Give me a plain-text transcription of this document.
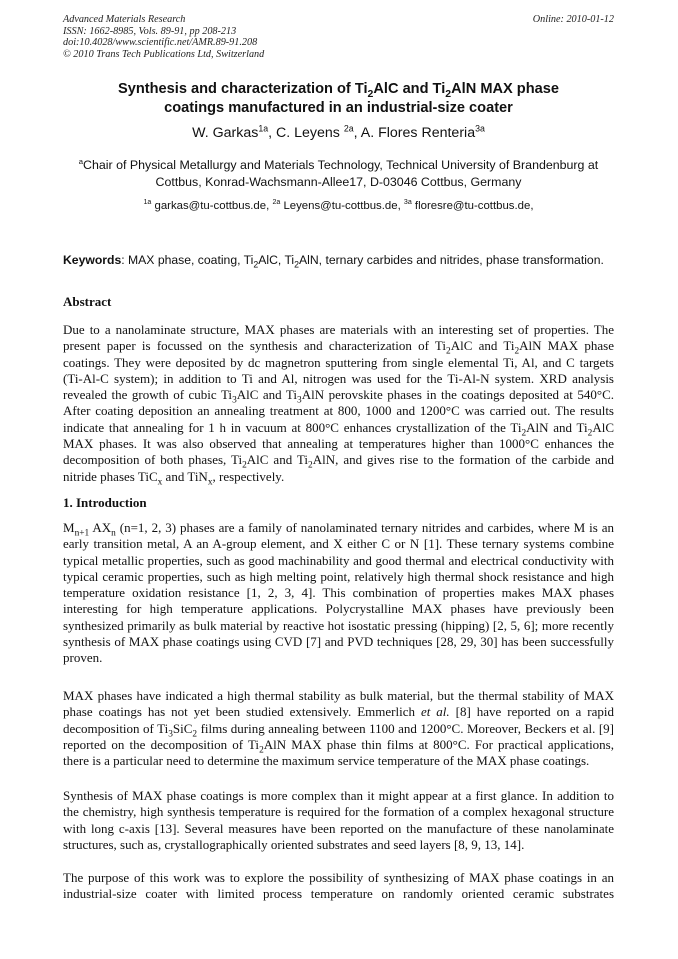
Advanced Materials Research
ISSN: 1662-8985, Vols. 89-91, pp 208-213
doi:10.4028/www.scientific.net/AMR.89-91.208
© 2010 Trans Tech Publications Ltd, Switzerland
Online: 2010-01-12
Synthesis and characterization of $Ti_2AlC$ and $Ti_2AlN$ MAX phase
coatings manufactured in an industrial-size coater
W. Garkas$^{1a}$, C. Leyens $^{2a}$, A. Flores Renteria$^{3a}$
$^a$Chair of Physical Metallurgy and Materials Technology, Technical University of Brandenburg at Cottbus, Konrad-Wachsmann-Allee17, D-03046 Cottbus, Germany
$^{1a}$ garkas@tu-cottbus.de, $^{2a}$ Leyens@tu-cottbus.de, $^{3a}$ floresre@tu-cottbus.de,
Keywords: MAX phase, coating, $Ti_2AlC$, $Ti_2AlN$, ternary carbides and nitrides, phase transformation.
Abstract
Due to a nanolaminate structure, MAX phases are materials with an interesting set of properties. The present paper is focussed on the synthesis and characterization of $Ti_2AlC$ and $Ti_2AlN$ MAX phase coatings. They were deposited by dc magnetron sputtering from single elemental Ti, Al, and C targets (Ti-Al-C system); in addition to Ti and Al, nitrogen was used for the Ti-Al-N system. XRD analysis revealed the growth of cubic $Ti_3AlC$ and $Ti_3AlN$ perovskite phases in the coatings deposited at 540°C. After coating deposition an annealing treatment at 800, 1000 and 1200°C was carried out. The results indicate that annealing for 1 h in vacuum at 800°C enhances crystallization of the $Ti_2AlN$ and $Ti_2AlC$ MAX phases. It was also observed that annealing at temperatures higher than 1000°C enhances the decomposition of both phases, $Ti_2AlC$ and $Ti_2AlN$, and gives rise to the formation of the carbide and nitride phases TiC$_x$ and TiN$_x$, respectively.
1. Introduction
$M_{n+1}$ $AX_n$ (n=1, 2, 3) phases are a family of nanolaminated ternary nitrides and carbides, where M is an early transition metal, A an A-group element, and X either C or N [1]. These ternary systems combine typical metallic properties, such as good machinability and good thermal and electrical conductivity with typical ceramic properties, such as high melting point, relatively high thermal shock resistance and high temperature oxidation resistance [1, 2, 3, 4]. This combination of properties makes MAX phases interesting for high temperature applications. Polycrystalline MAX phases have previously been synthesized primarily as bulk material by reactive hot isostatic pressing (hipping) [2, 5, 6]; more recently synthesis of MAX phase coatings using CVD [7] and PVD techniques [28, 29, 30] has been successfully proven.
MAX phases have indicated a high thermal stability as bulk material, but the thermal stability of MAX phase coatings has not yet been studied extensively. Emmerlich et al. [8] have reported on a rapid decomposition of $Ti_3SiC_2$ films during annealing between 1100 and 1200°C. Moreover, Beckers et al. [9] reported on the decomposition of $Ti_2AlN$ MAX phase thin films at 800°C. For practical applications, there is a particular need to determine the maximum service temperature of the MAX phase coatings.
Synthesis of MAX phase coatings is more complex than it might appear at a first glance. In addition to the chemistry, high synthesis temperature is required for the formation of a complex hexagonal structure with long c-axis [13]. Several measures have been reported on the manufacture of these nanolaminate structures, such as, crystallographically oriented substrates and seed layers [8, 9, 13, 14].
The purpose of this work was to explore the possibility of synthesizing of MAX phase coatings in an industrial-size coater with limited process temperature on randomly oriented ceramic substrates
